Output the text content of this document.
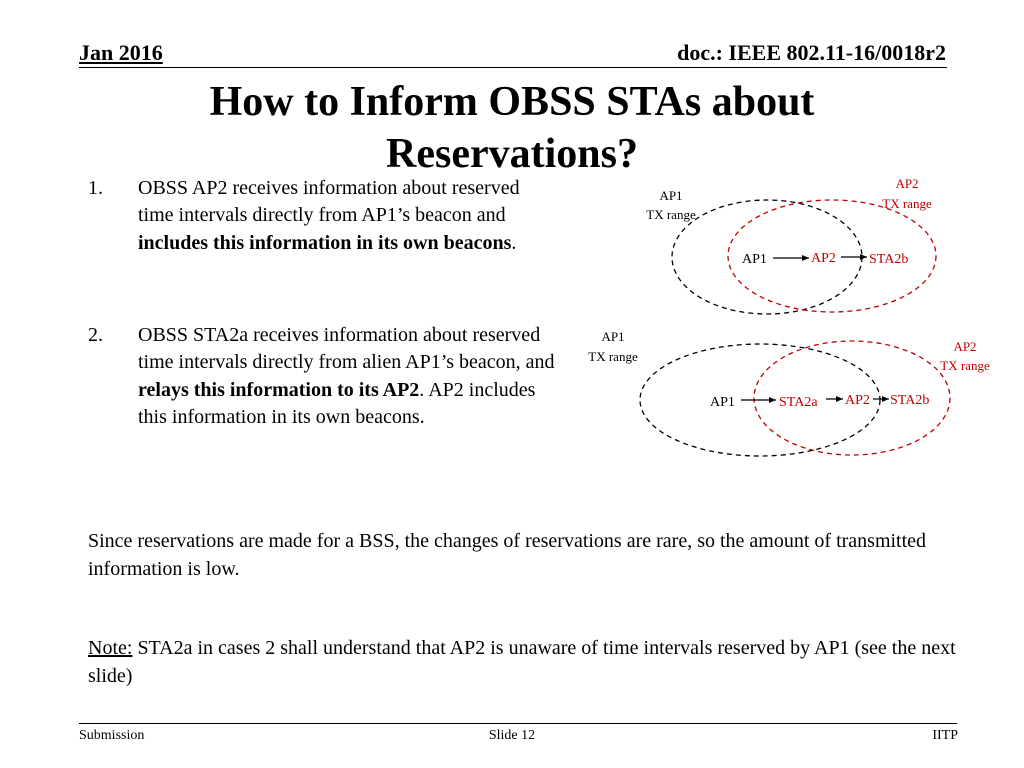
Jan 2016	doc.: IEEE 802.11-16/0018r2
How to Inform OBSS STAs about
Reservations?
1. OBSS AP2 receives information about reserved time intervals directly from AP1’s beacon and includes this information in its own beacons.
2. OBSS STA2a receives information about reserved time intervals directly from alien AP1’s beacon, and relays this information to its AP2. AP2 includes this information in its own beacons.
Since reservations are made for a BSS, the changes of reservations are rare, so the amount of transmitted information is low.
Note: STA2a in cases 2 shall understand that AP2 is unaware of time intervals reserved by AP1 (see the next slide)
AP1
TX range
AP2
TX range
AP1	AP2 STA2b
AP1
TX range
AP2
TX range
AP1	STA2a AP2 STA2b
Submission	Slide 12	IITP
